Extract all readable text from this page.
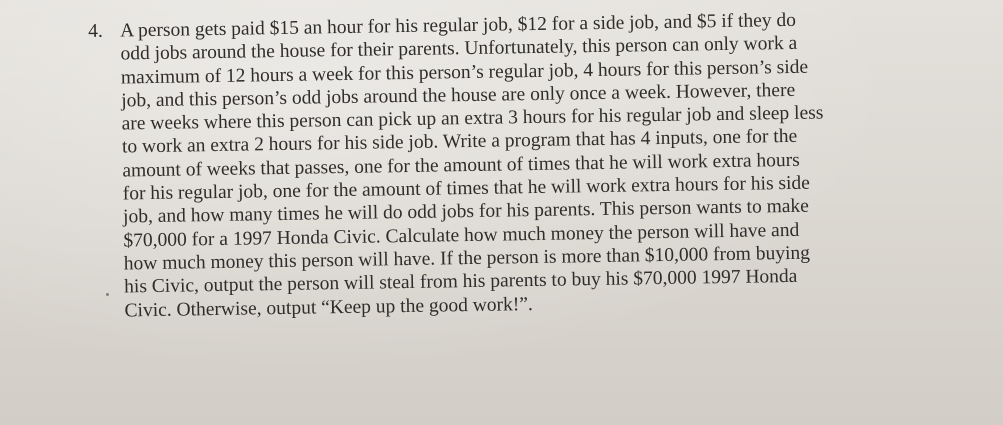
4. A person gets paid $15 an hour for his regular job, $12 for a side job, and $5 if they do
odd jobs around the house for their parents. Unfortunately, this person can only work a
maximum of 12 hours a week for this person’s regular job, 4 hours for this person’s side
job, and this person’s odd jobs around the house are only once a week. However, there
are weeks where this person can pick up an extra 3 hours for his regular job and sleep less
to work an extra 2 hours for his side job. Write a program that has 4 inputs, one for the
amount of weeks that passes, one for the amount of times that he will work extra hours
for his regular job, one for the amount of times that he will work extra hours for his side
job, and how many times he will do odd jobs for his parents. This person wants to make
$70,000 for a 1997 Honda Civic. Calculate how much money the person will have and
how much money this person will have. If the person is more than $10,000 from buying
his Civic, output the person will steal from his parents to buy his $70,000 1997 Honda
Civic. Otherwise, output “Keep up the good work!”.
